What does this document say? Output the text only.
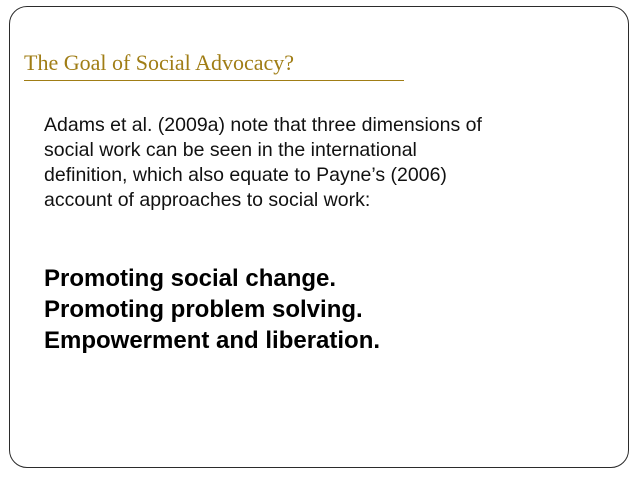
The Goal of Social Advocacy?
Adams et al. (2009a) note that three dimensions of
social work can be seen in the international
definition, which also equate to Payne’s (2006)
account of approaches to social work:
Promoting social change.
Promoting problem solving.
Empowerment and liberation.
